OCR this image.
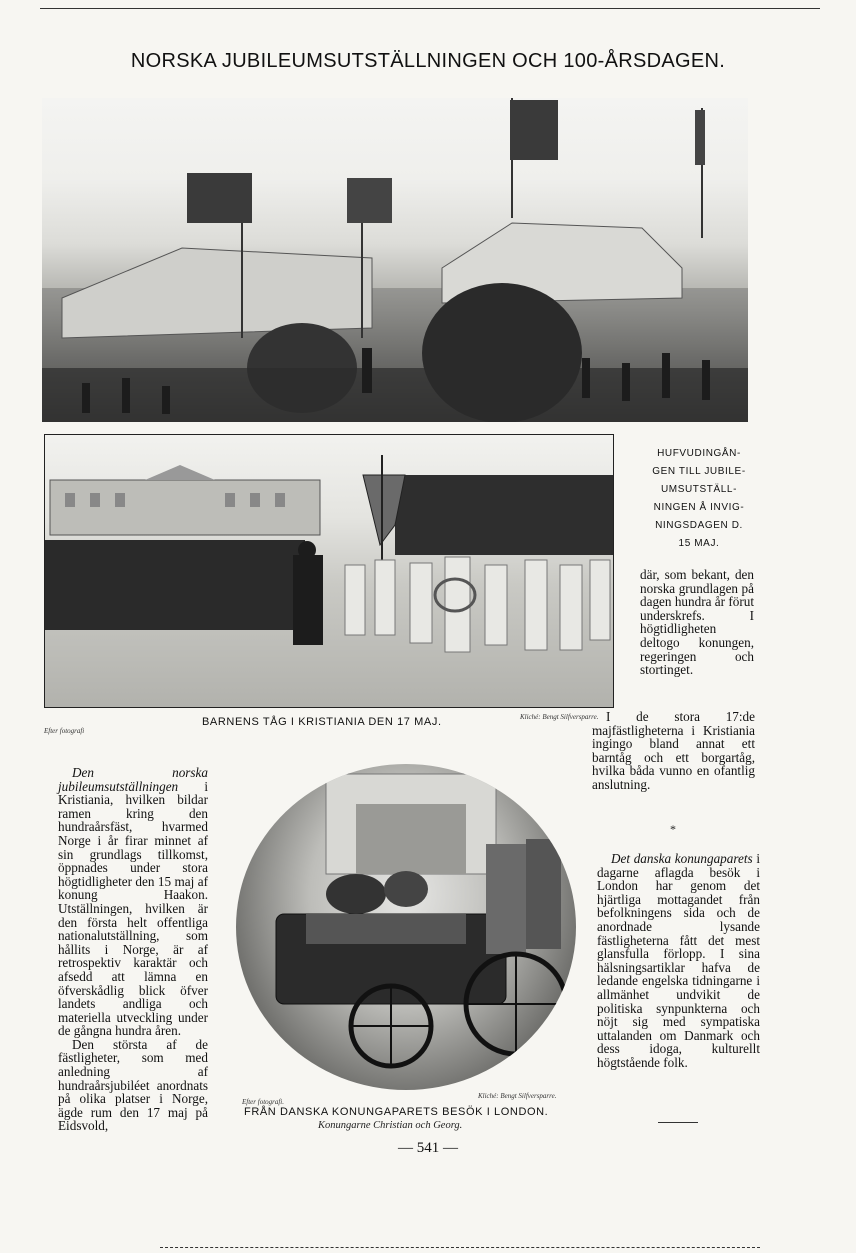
NORSKA JUBILEUMSUTSTÄLLNINGEN OCH 100-ÅRSDAGEN.
Efter fotografi
BARNENS TÅG I KRISTIANIA DEN 17 MAJ.	Kliché: Bengt Silfversparre.
HUFVUDINGÅN-
GEN TILL JUBILE-
UMSUTSTÄLL-
NINGEN Å INVIG-
NINGSDAGEN D.
15 MAJ.

där, som bekant, den norska grundlagen på dagen hundra år förut underskrefs. I högtidligheten deltogo konungen, regeringen och stortinget.

I de stora 17:de majfästligheterna i Kristiania ingingo bland annat ett barntåg och ett borgartåg, hvilka båda vunno en ofantlig anslutning.

*

Det danska konungaparets i dagarne aflagda besök i London har genom det hjärtliga mottagandet från befolkningens sida och de anordnade lysande fästligheterna fått det mest glansfulla förlopp. I sina hälsningsartiklar hafva de ledande engelska tidningarne i allmänhet undvikit de politiska synpunkterna och nöjt sig med sympatiska uttalanden om Danmark och dess idoga, kulturellt högtstående folk.

Den norska jubileumsutställningen i Kristiania, hvilken bildar ramen kring den hundraårsfäst, hvarmed Norge i år firar minnet af sin grundlags tillkomst, öppnades under stora högtidligheter den 15 maj af konung Haakon. Utställningen, hvilken är den första helt offentliga nationalutställning, som hållits i Norge, är af retrospektiv karaktär och afsedd att lämna en öfverskådlig blick öfver landets andliga och materiella utveckling under de gångna hundra åren.

Den största af de fästligheter, som med anledning af hundraårsjubiléet anordnats på olika platser i Norge, ägde rum den 17 maj på Eidsvold,

Efter fotografi.
Kliché: Bengt Silfversparre.
FRÅN DANSKA KONUNGAPARETS BESÖK I LONDON.
Konungarne Christian och Georg.
— 541 —
